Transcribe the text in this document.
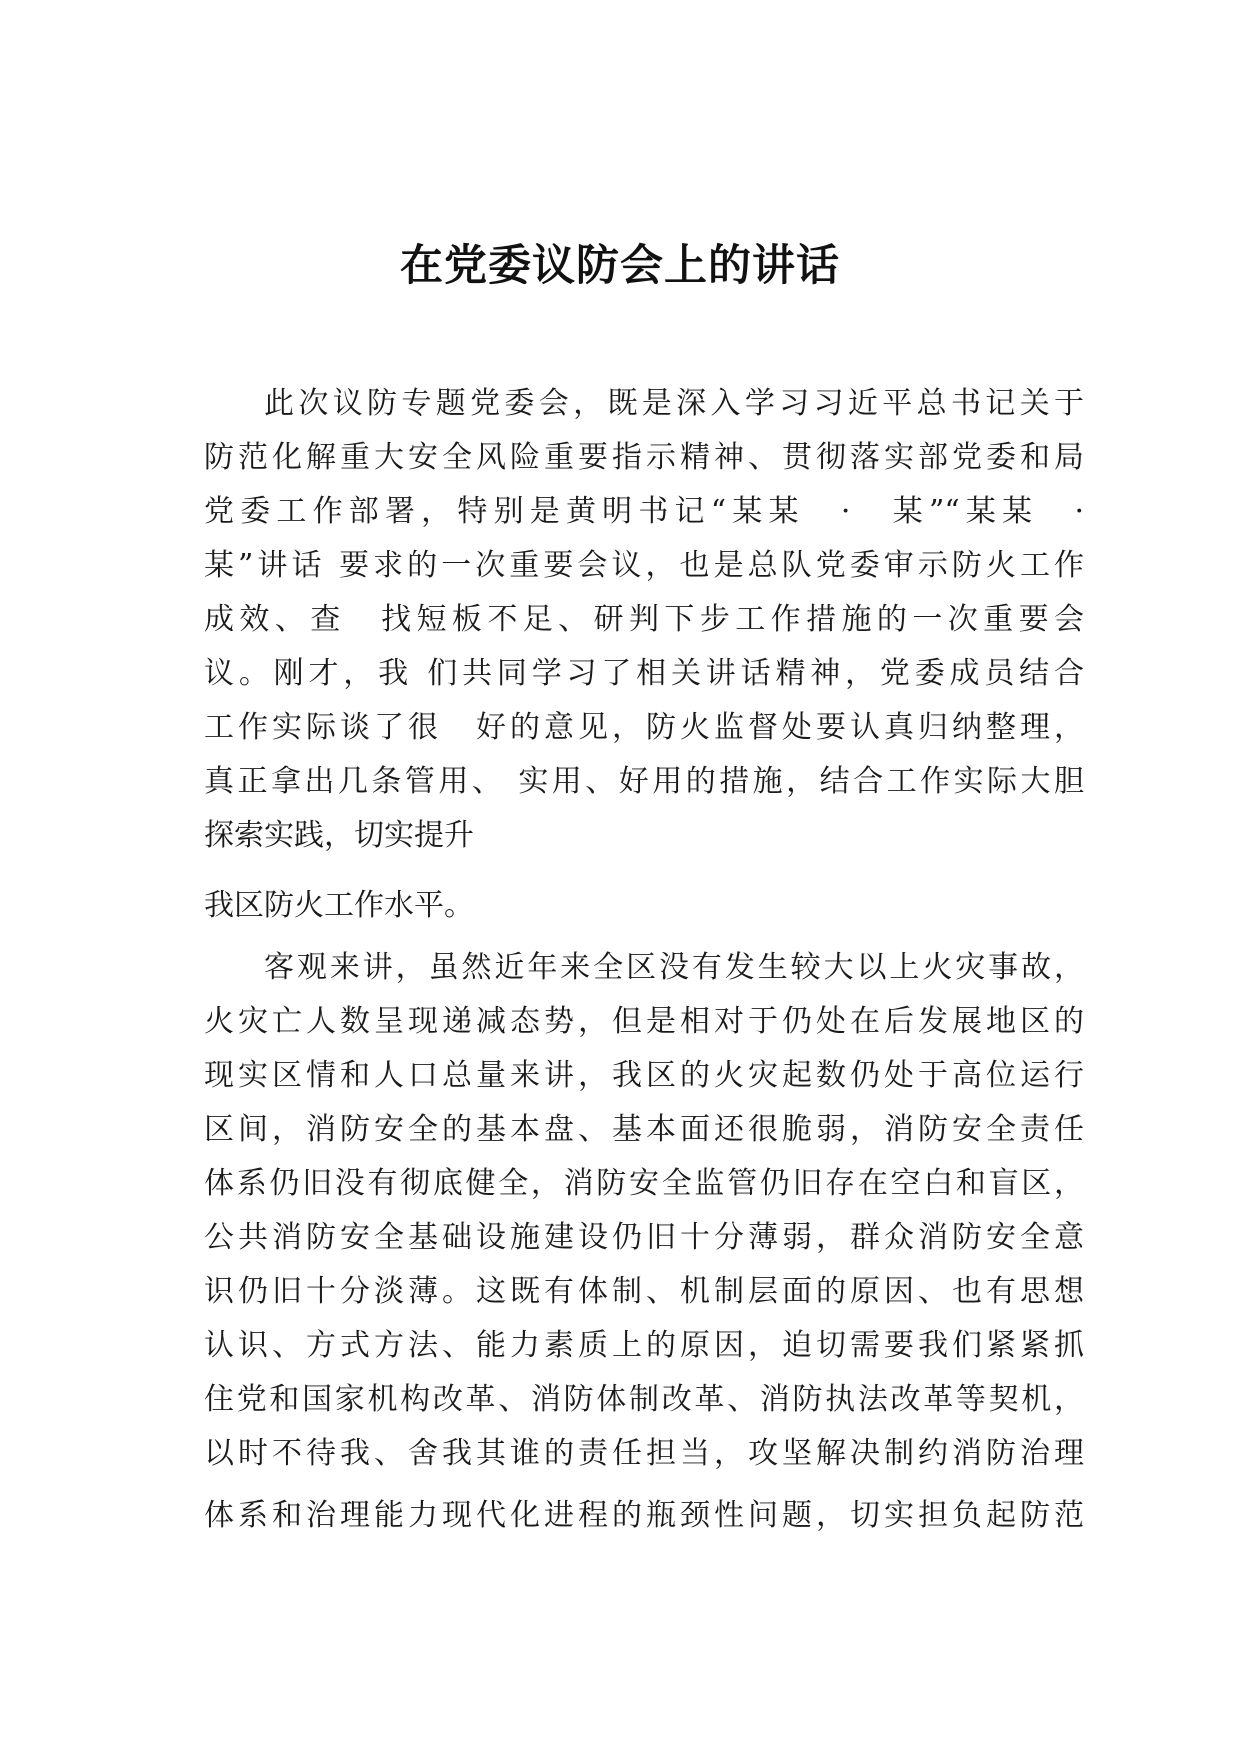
在党委议防会上的讲话
此次议防专题党委会，既是深入学习习近平总书记关于
防范化解重大安全风险重要指示精神、贯彻落实部党委和局
党委工作部署，特别是黄明书记“某某　·　某”“某某　·
某”讲话 要求的一次重要会议，也是总队党委审示防火工作
成效、查　找短板不足、研判下步工作措施的一次重要会
议。刚才，我 们共同学习了相关讲话精神，党委成员结合
工作实际谈了很　好的意见，防火监督处要认真归纳整理，
真正拿出几条管用、 实用、好用的措施，结合工作实际大胆
探索实践，切实提升
我区防火工作水平。
客观来讲，虽然近年来全区没有发生较大以上火灾事故，
火灾亡人数呈现递减态势，但是相对于仍处在后发展地区的
现实区情和人口总量来讲，我区的火灾起数仍处于高位运行
区间，消防安全的基本盘、基本面还很脆弱，消防安全责任
体系仍旧没有彻底健全，消防安全监管仍旧存在空白和盲区，
公共消防安全基础设施建设仍旧十分薄弱，群众消防安全意
识仍旧十分淡薄。这既有体制、机制层面的原因、也有思想
认识、方式方法、能力素质上的原因，迫切需要我们紧紧抓
住党和国家机构改革、消防体制改革、消防执法改革等契机，
以时不待我、舍我其谁的责任担当，攻坚解决制约消防治理
体系和治理能力现代化进程的瓶颈性问题，切实担负起防范
